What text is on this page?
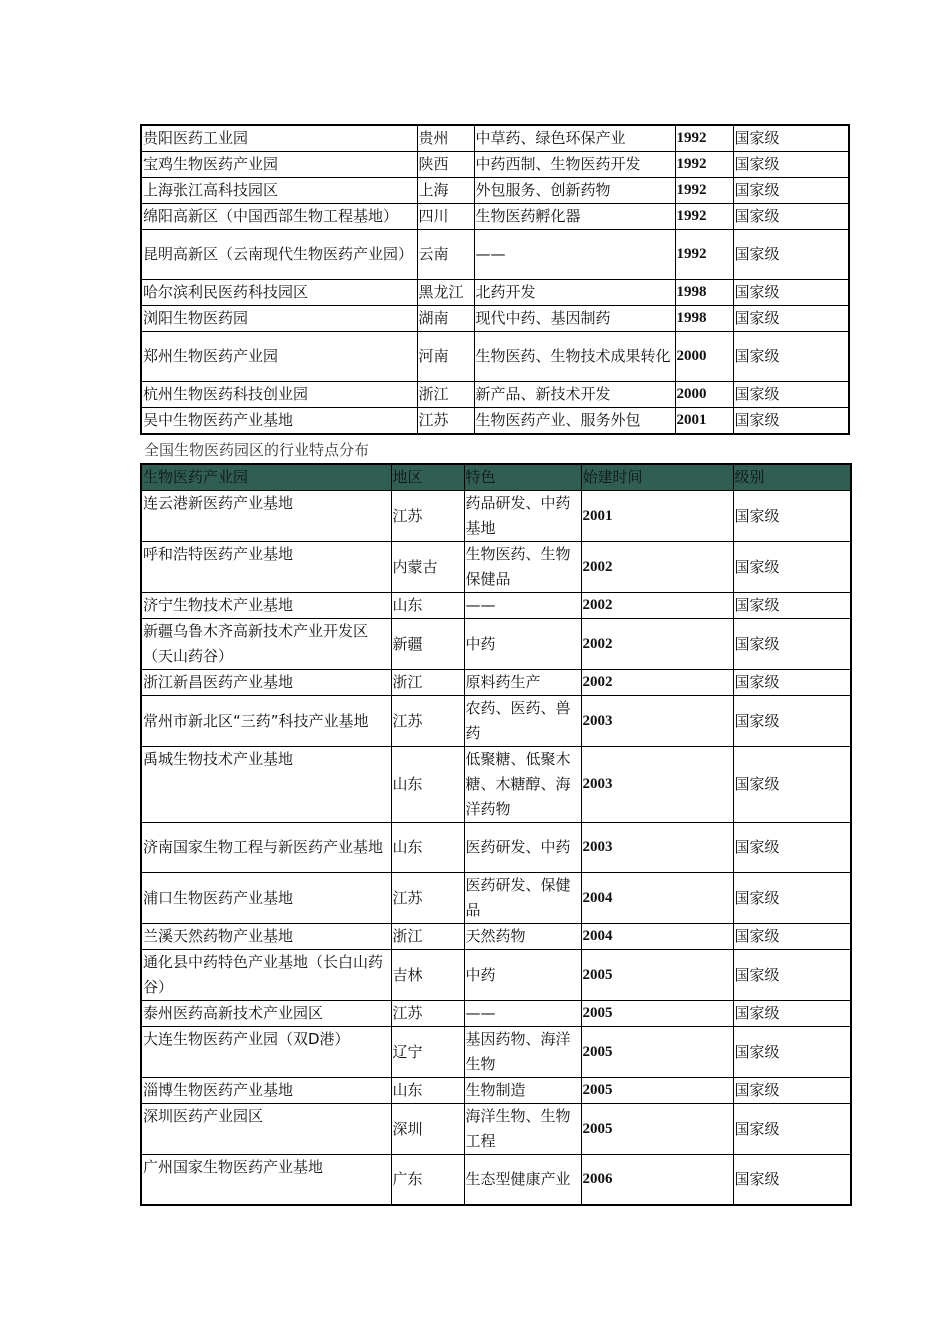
贵阳医药工业园	贵州	中草药、绿色环保产业	1992	国家级
宝鸡生物医药产业园	陕西	中药西制、生物医药开发	1992	国家级
上海张江高科技园区	上海	外包服务、创新药物	1992	国家级
绵阳高新区（中国西部生物工程基地）	四川	生物医药孵化器	1992	国家级
昆明高新区（云南现代生物医药产业园）	云南	——	1992	国家级
哈尔滨利民医药科技园区	黑龙江	北药开发	1998	国家级
浏阳生物医药园	湖南	现代中药、基因制药	1998	国家级
郑州生物医药产业园	河南	生物医药、生物技术成果转化	2000	国家级
杭州生物医药科技创业园	浙江	新产品、新技术开发	2000	国家级
吴中生物医药产业基地	江苏	生物医药产业、服务外包	2001	国家级
全国生物医药园区的行业特点分布
生物医药产业园	地区	特色	始建时间	级别
连云港新医药产业基地	江苏	药品研发、中药基地	2001	国家级
呼和浩特医药产业基地	内蒙古	生物医药、生物保健品	2002	国家级
济宁生物技术产业基地	山东	——	2002	国家级
新疆乌鲁木齐高新技术产业开发区（天山药谷）	新疆	中药	2002	国家级
浙江新昌医药产业基地	浙江	原料药生产	2002	国家级
常州市新北区“三药”科技产业基地	江苏	农药、医药、兽药	2003	国家级
禹城生物技术产业基地	山东	低聚糖、低聚木糖、木糖醇、海洋药物	2003	国家级
济南国家生物工程与新医药产业基地	山东	医药研发、中药	2003	国家级
浦口生物医药产业基地	江苏	医药研发、保健品	2004	国家级
兰溪天然药物产业基地	浙江	天然药物	2004	国家级
通化县中药特色产业基地（长白山药谷）	吉林	中药	2005	国家级
泰州医药高新技术产业园区	江苏	——	2005	国家级
大连生物医药产业园（双D港）	辽宁	基因药物、海洋生物	2005	国家级
淄博生物医药产业基地	山东	生物制造	2005	国家级
深圳医药产业园区	深圳	海洋生物、生物工程	2005	国家级
广州国家生物医药产业基地	广东	生态型健康产业	2006	国家级
